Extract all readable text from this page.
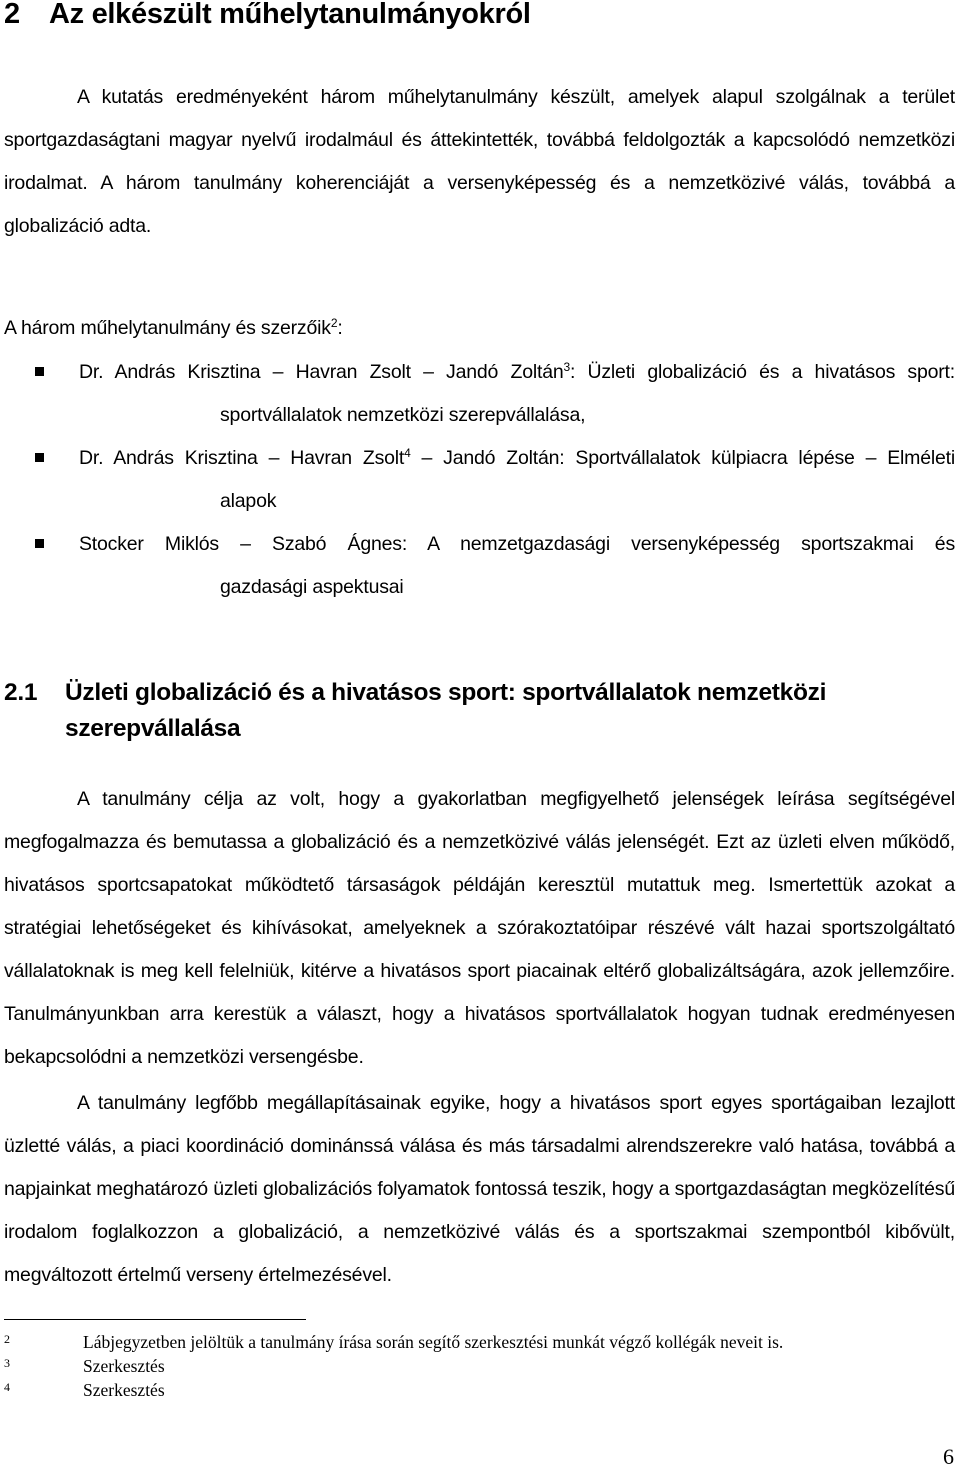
2 Az elkészült műhelytanulmányokról
A kutatás eredményeként három műhelytanulmány készült, amelyek alapul szolgálnak a terület sportgazdaságtani magyar nyelvű irodalmául és áttekintették, továbbá feldolgozták a kapcsolódó nemzetközi irodalmat. A három tanulmány koherenciáját a versenyképesség és a nemzetközivé válás, továbbá a globalizáció adta.
A három műhelytanulmány és szerzőik$^2$:
Dr. András Krisztina – Havran Zsolt – Jandó Zoltán$^3$: Üzleti globalizáció és a hivatásos sport:
sportvállalatok nemzetközi szerepvállalása,
Dr. András Krisztina – Havran Zsolt$^4$ – Jandó Zoltán: Sportvállalatok külpiacra lépése – Elméleti
alapok
Stocker Miklós – Szabó Ágnes: A nemzetgazdasági versenyképesség sportszakmai és
gazdasági aspektusai
2.1 Üzleti globalizáció és a hivatásos sport: sportvállalatok nemzetközi
szerepvállalása
A tanulmány célja az volt, hogy a gyakorlatban megfigyelhető jelenségek leírása segítségével megfogalmazza és bemutassa a globalizáció és a nemzetközivé válás jelenségét. Ezt az üzleti elven működő, hivatásos sportcsapatokat működtető társaságok példáján keresztül mutattuk meg. Ismertettük azokat a stratégiai lehetőségeket és kihívásokat, amelyeknek a szórakoztatóipar részévé vált hazai sportszolgáltató vállalatoknak is meg kell felelniük, kitérve a hivatásos sport piacainak eltérő globalizáltságára, azok jellemzőire. Tanulmányunkban arra kerestük a választ, hogy a hivatásos sportvállalatok hogyan tudnak eredményesen bekapcsolódni a nemzetközi versengésbe.
A tanulmány legfőbb megállapításainak egyike, hogy a hivatásos sport egyes sportágaiban lezajlott üzletté válás, a piaci koordináció dominánssá válása és más társadalmi alrendszerekre való hatása, továbbá a napjainkat meghatározó üzleti globalizációs folyamatok fontossá teszik, hogy a sportgazdaságtan megközelítésű irodalom foglalkozzon a globalizáció, a nemzetközivé válás és a sportszakmai szempontból kibővült, megváltozott értelmű verseny értelmezésével.
2	Lábjegyzetben jelöltük a tanulmány írása során segítő szerkesztési munkát végző kollégák neveit is.
3	Szerkesztés
4	Szerkesztés
6
